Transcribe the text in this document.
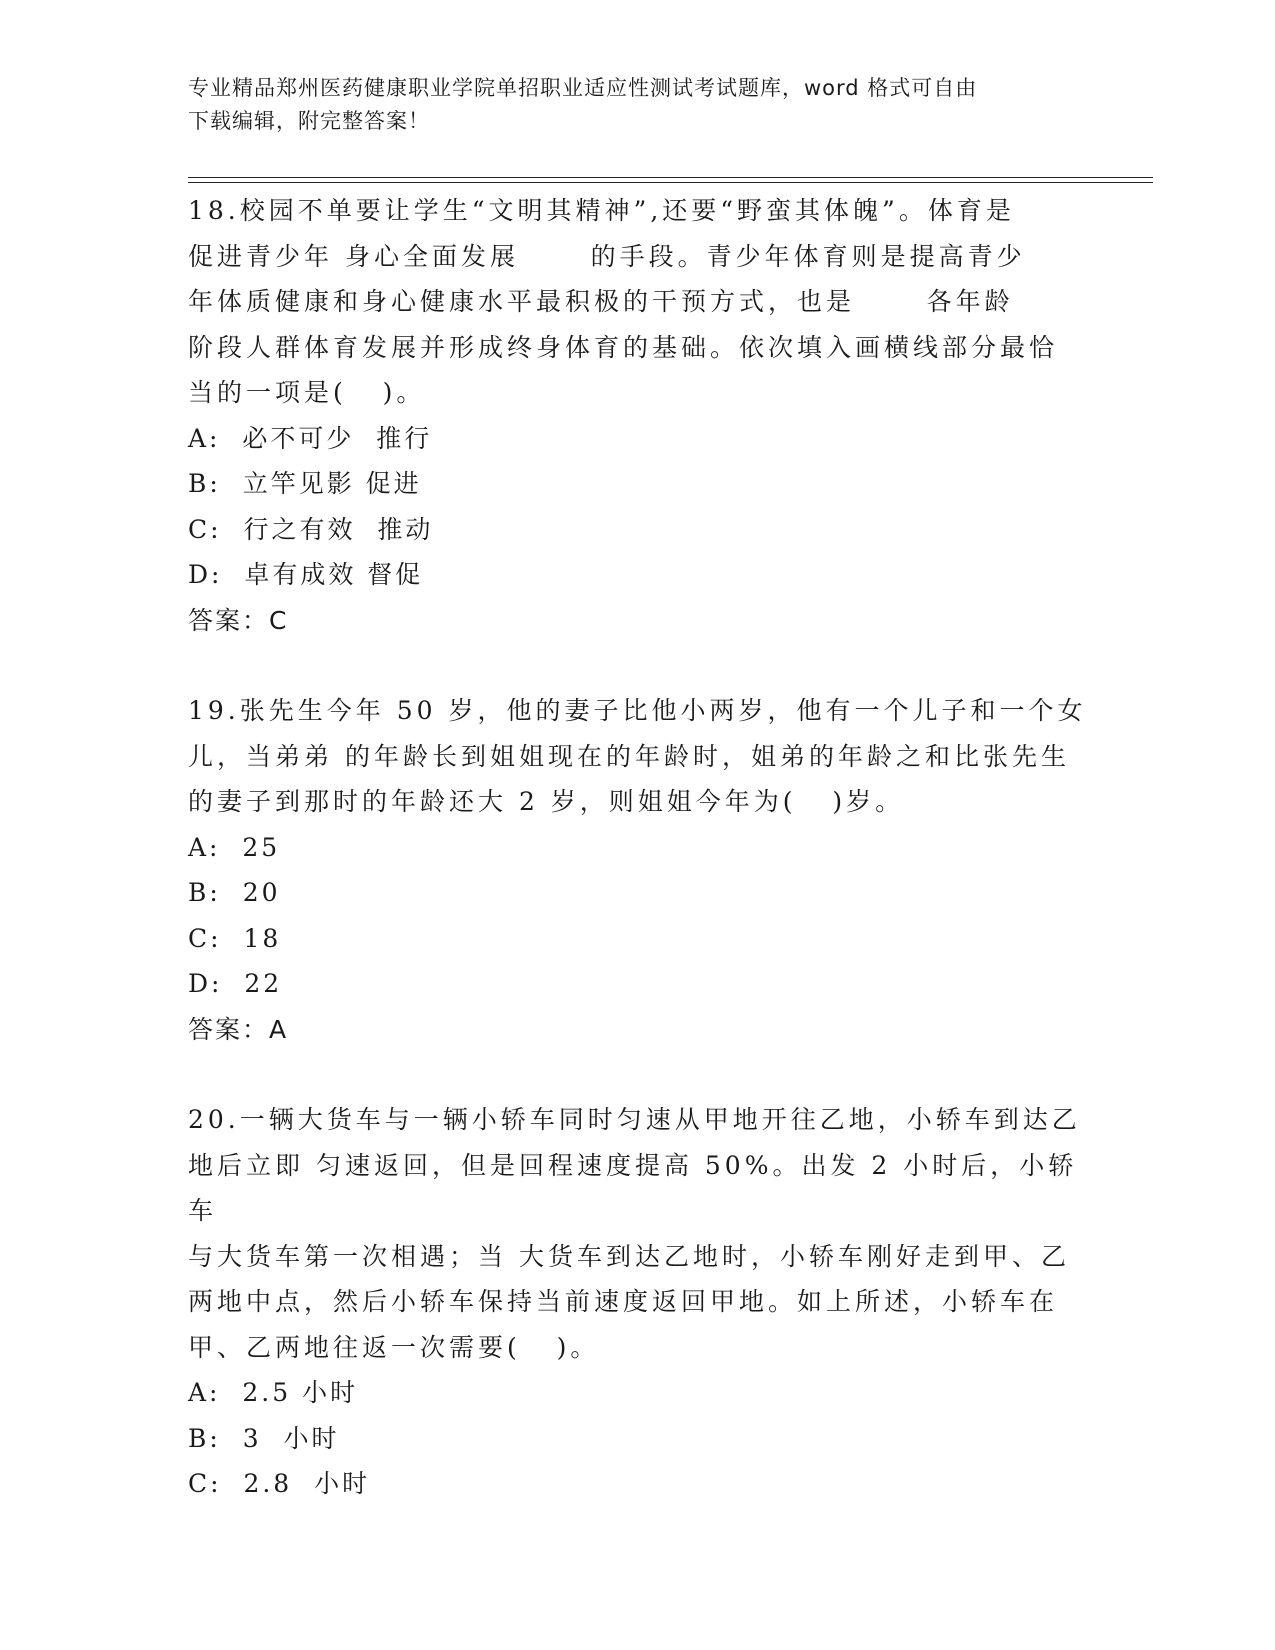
专业精品郑州医药健康职业学院单招职业适应性测试考试题库，word 格式可自由
下载编辑，附完整答案！

18.校园不单要让学生“文明其精神”,还要“野蛮其体魄”。体育是

促进青少年 身心全面发展      的手段。青少年体育则是提高青少

年体质健康和身心健康水平最积极的干预方式，也是      各年龄

阶段人群体育发展并形成终身体育的基础。依次填入画横线部分最恰

当的一项是(   )。

A:  必不可少  推行

B:  立竿见影 促进

C:  行之有效  推动

D:  卓有成效 督促

答案：C

19.张先生今年 50 岁，他的妻子比他小两岁，他有一个儿子和一个女

儿，当弟弟 的年龄长到姐姐现在的年龄时，姐弟的年龄之和比张先生

的妻子到那时的年龄还大 2 岁，则姐姐今年为(   )岁。

A:  25

B:  20

C:  18

D:  22

答案：A

20.一辆大货车与一辆小轿车同时匀速从甲地开往乙地，小轿车到达乙

地后立即 匀速返回，但是回程速度提高 50%。出发 2 小时后，小轿车

与大货车第一次相遇；当 大货车到达乙地时，小轿车刚好走到甲、乙

两地中点，然后小轿车保持当前速度返回甲地。如上所述，小轿车在

甲、乙两地往返一次需要(   )。

A:  2.5 小时

B:  3  小时

C:  2.8  小时
